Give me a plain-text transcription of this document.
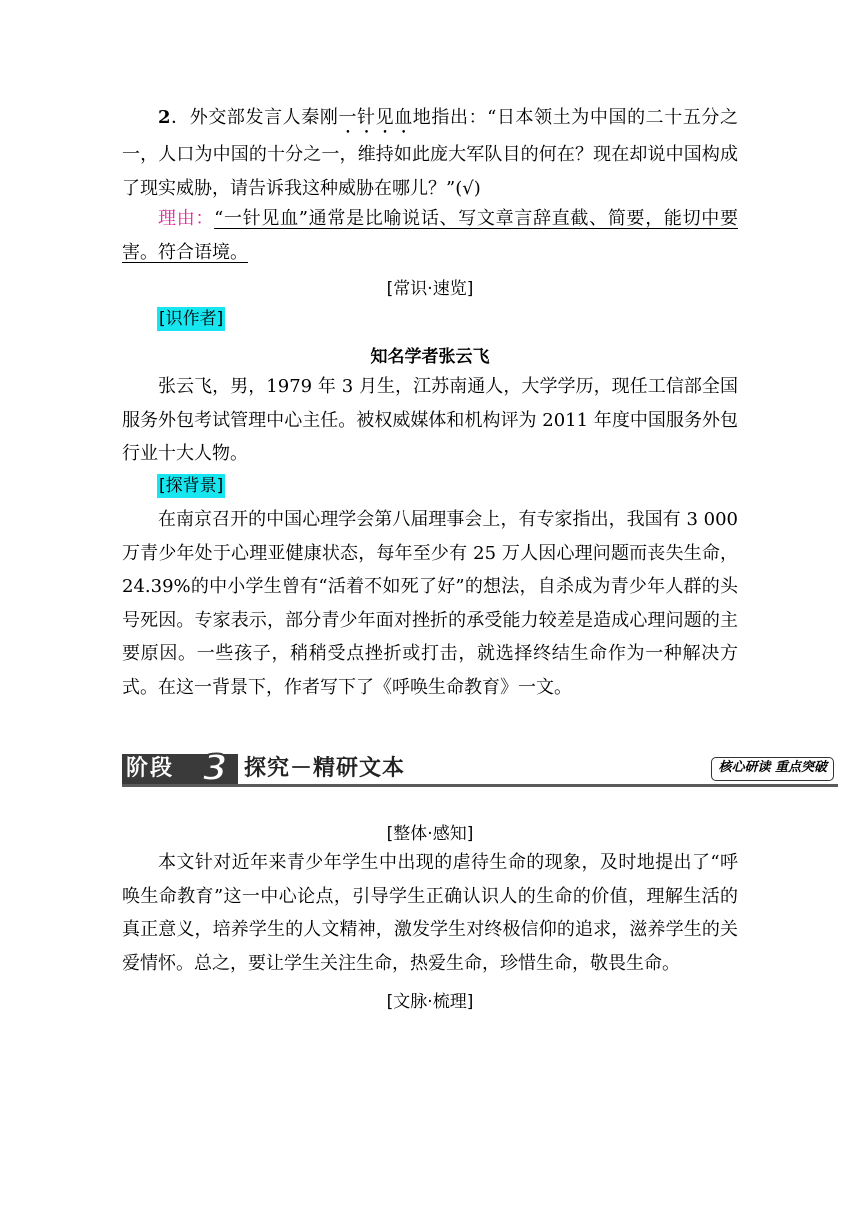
2．外交部发言人秦刚一针见血地指出：“日本领土为中国的二十五分之一，人口为中国的十分之一，维持如此庞大军队目的何在？现在却说中国构成了现实威胁，请告诉我这种威胁在哪儿？”(√)

理由：“一针见血”通常是比喻说话、写文章言辞直截、简要，能切中要害。符合语境。

[常识·速览]
[识作者]
知名学者张云飞

张云飞，男，1979 年 3 月生，江苏南通人，大学学历，现任工信部全国服务外包考试管理中心主任。被权威媒体和机构评为 2011 年度中国服务外包行业十大人物。

[探背景]

在南京召开的中国心理学会第八届理事会上，有专家指出，我国有 3 000 万青少年处于心理亚健康状态，每年至少有 25 万人因心理问题而丧失生命，24.39%的中小学生曾有“活着不如死了好”的想法，自杀成为青少年人群的头号死因。专家表示，部分青少年面对挫折的承受能力较差是造成心理问题的主要原因。一些孩子，稍稍受点挫折或打击，就选择终结生命作为一种解决方式。在这一背景下，作者写下了《呼唤生命教育》一文。

阶段 3 探究－精研文本	核心研读 重点突破
[整体·感知]

本文针对近年来青少年学生中出现的虐待生命的现象，及时地提出了“呼唤生命教育”这一中心论点，引导学生正确认识人的生命的价值，理解生活的真正意义，培养学生的人文精神，激发学生对终极信仰的追求，滋养学生的关爱情怀。总之，要让学生关注生命，热爱生命，珍惜生命，敬畏生命。

[文脉·梳理]
